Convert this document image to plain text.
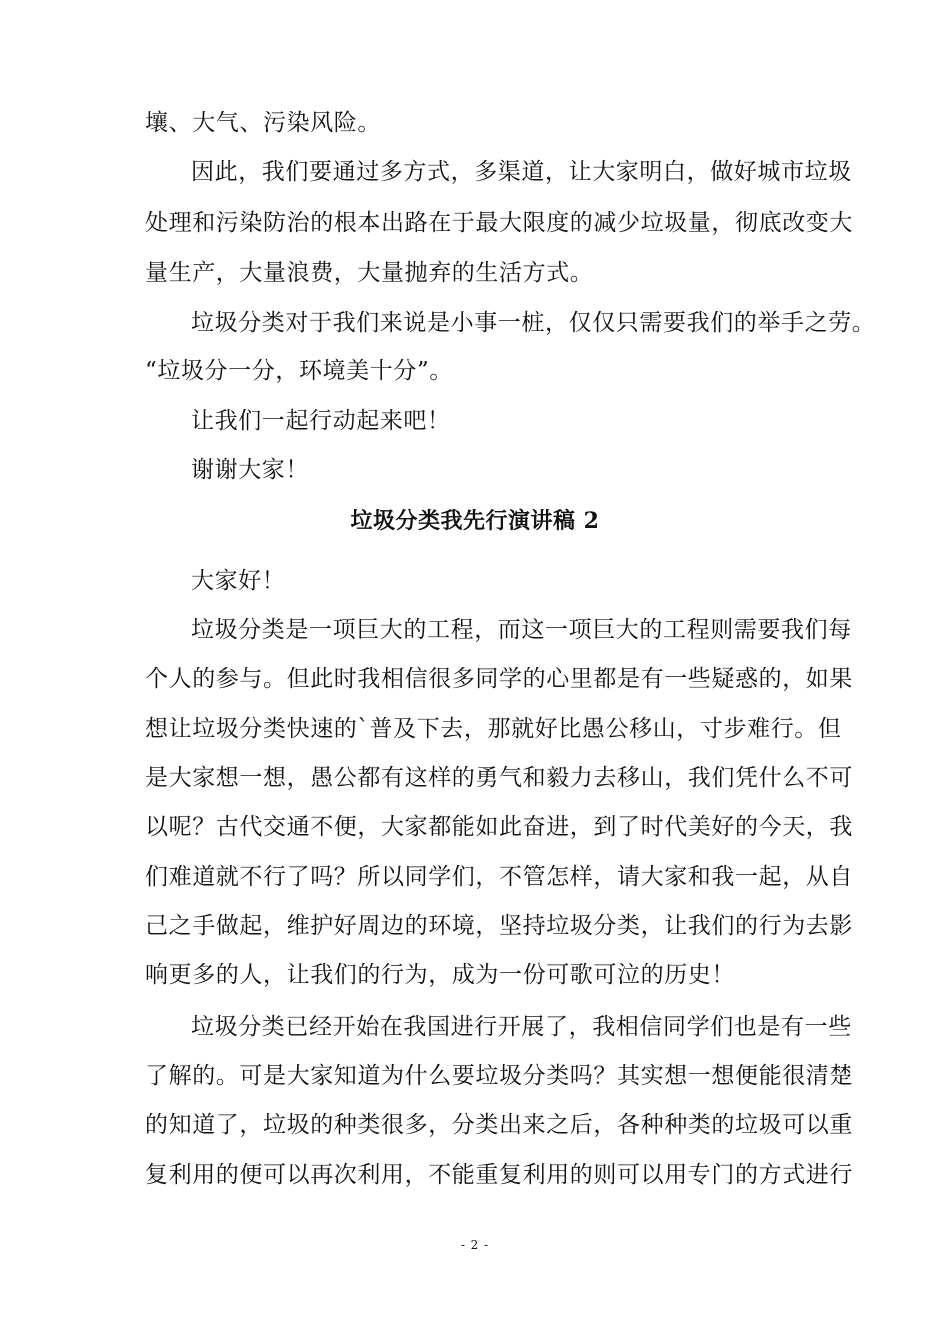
壤、大气、污染风险。
因此，我们要通过多方式，多渠道，让大家明白，做好城市垃圾
处理和污染防治的根本出路在于最大限度的减少垃圾量，彻底改变大
量生产，大量浪费，大量抛弃的生活方式。
垃圾分类对于我们来说是小事一桩，仅仅只需要我们的举手之劳。
“垃圾分一分，环境美十分”。
让我们一起行动起来吧！
谢谢大家！
垃圾分类我先行演讲稿 2
大家好！
垃圾分类是一项巨大的工程，而这一项巨大的工程则需要我们每
个人的参与。但此时我相信很多同学的心里都是有一些疑惑的，如果
想让垃圾分类快速的`普及下去，那就好比愚公移山，寸步难行。但
是大家想一想，愚公都有这样的勇气和毅力去移山，我们凭什么不可
以呢？古代交通不便，大家都能如此奋进，到了时代美好的今天，我
们难道就不行了吗？所以同学们，不管怎样，请大家和我一起，从自
己之手做起，维护好周边的环境，坚持垃圾分类，让我们的行为去影
响更多的人，让我们的行为，成为一份可歌可泣的历史！
垃圾分类已经开始在我国进行开展了，我相信同学们也是有一些
了解的。可是大家知道为什么要垃圾分类吗？其实想一想便能很清楚
的知道了，垃圾的种类很多，分类出来之后，各种种类的垃圾可以重
复利用的便可以再次利用，不能重复利用的则可以用专门的方式进行
- 2 -
